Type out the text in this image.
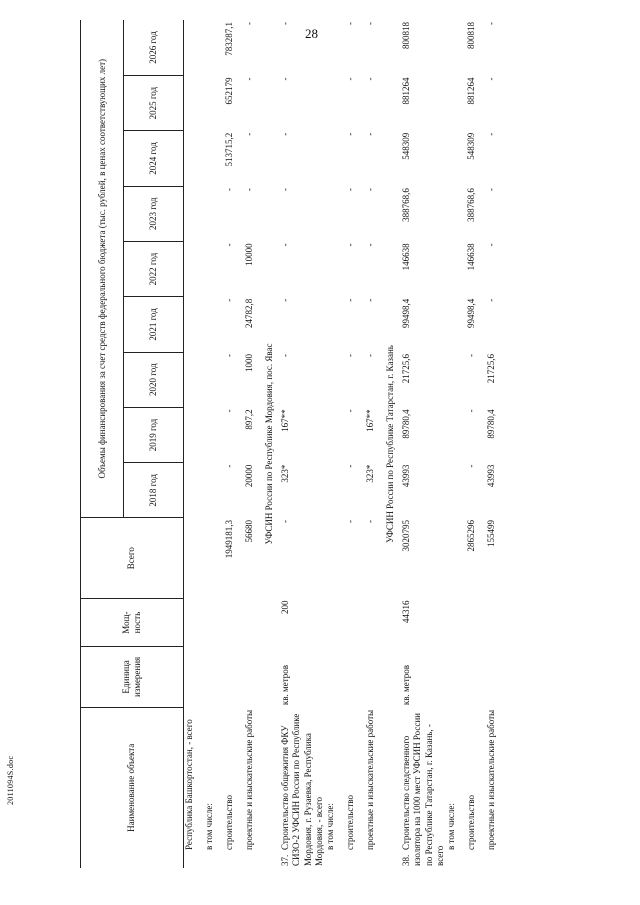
28
2011094S.doc	Наименование объекта	Единица измерения	Мощ-ность	Всего	Объемы финансирования за счет средств федерального бюджета (тыс. рублей, в ценах соответствующих лет)								
				2018 год	2019 год	2020 год	2021 год	2022 год	2023 год	2024 год	2025 год	2026 год
Республика Башкортостан, - всего												
в том числе:												
строительство			1949181,3	-	-	-	-	-	-	513715,2	652179	783287,1
проектные и изыскательские работы			56680	20000	897,2	1000	24782,8	10000	-	-	-	-
УФСИН России по Республике Мордовия, пос. Явас												
37.Строительство общежития ФКУ СИЗО-2 УФСИН России по Республике Мордовия, г. Рузаевка, Республика Мордовия, - всего	кв. метров	200	-	323*	167**	-	-	-	-	-	-	-
в том числе:												
строительство			-	-	-	-	-	-	-	-	-	-
проектные и изыскательские работы			-	323*	167**	-	-	-	-	-	-	-
УФСИН России по Республике Татарстан, г. Казань												
38.Строительство следственного изолятора на 1000 мест УФСИН России по Республике Татарстан, г. Казань, - всего	кв. метров	44316	3020795	43993	89780,4	21725,6	99498,4	146638	388768,6	548309	881264	800818
в том числе:												
строительство			2865296	-	-	-	99498,4	146638	388768,6	548309	881264	800818
проектные и изыскательские работы			155499	43993	89780,4	21725,6	-	-	-	-	-	-
